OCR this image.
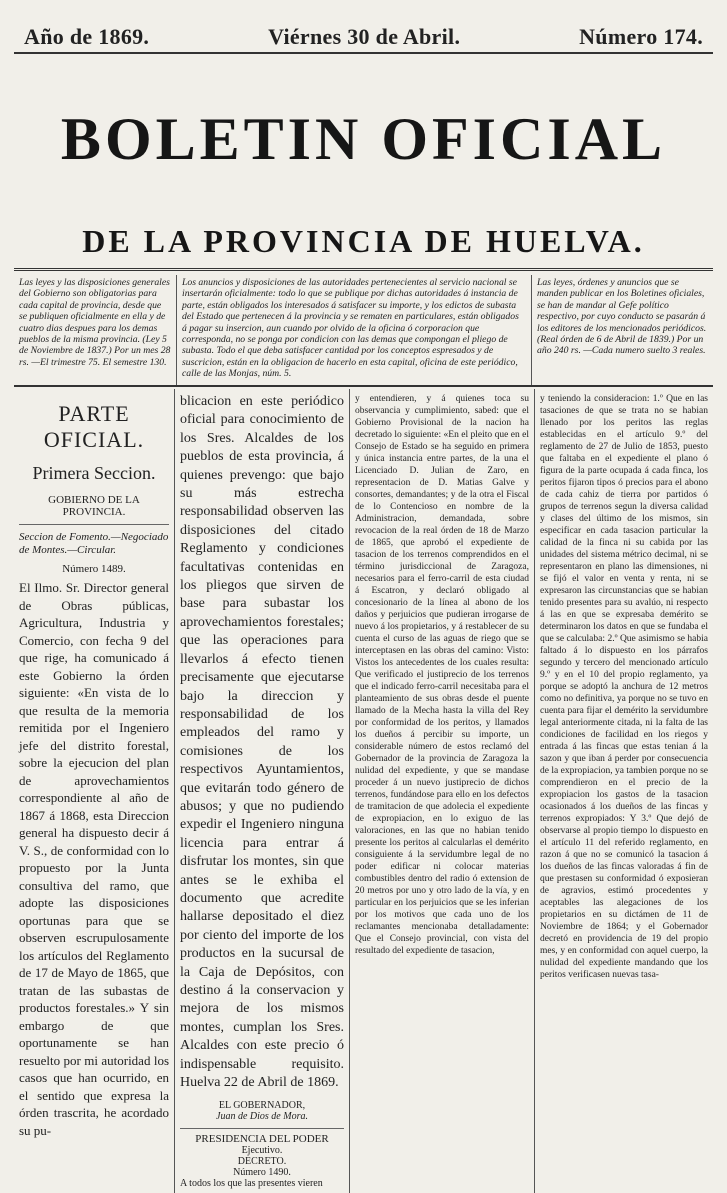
Año de 1869.	Viérnes 30 de Abril.	Número 174.
BOLETIN OFICIAL
DE LA PROVINCIA DE HUELVA.
Las leyes y las disposiciones generales del Gobierno son obligatorias para cada capital de provincia, desde que se publiquen oficialmente en ella y de cuatro dias despues para los demas pueblos de la misma provincia. (Ley 5 de Noviembre de 1837.) Por un mes 28 rs. —El trimestre 75. El semestre 130.
Los anuncios y disposiciones de las autoridades pertenecientes al servicio nacional se insertarán oficialmente: todo lo que se publique por dichas autoridades á instancia de parte, están obligados los interesados á satisfacer su importe, y los edictos de subasta del Estado que pertenecen á la provincia y se rematen en particulares, están obligados á pagar su insercion, aun cuando por olvido de la oficina ó corporacion que corresponda, no se ponga por condicion con las demas que compongan el pliego de subasta. Todo el que deba satisfacer cantidad por los conceptos espresados y de suscricion, están en la obligacion de hacerlo en esta capital, oficina de este periódico, calle de las Monjas, núm. 5.
Las leyes, órdenes y anuncios que se manden publicar en los Boletines oficiales, se han de mandar al Gefe político respectivo, por cuyo conducto se pasarán á los editores de los mencionados periódicos. (Real órden de 6 de Abril de 1839.) Por un año 240 rs. —Cada numero suelto 3 reales.
PARTE OFICIAL.
Primera Seccion.
GOBIERNO DE LA PROVINCIA.
Seccion de Fomento.—Negociado de Montes.—Circular.
Número 1489.
El Ilmo. Sr. Director general de Obras públicas, Agricultura, Industria y Comercio, con fecha 9 del que rige, ha comunicado á este Gobierno la órden siguiente: «En vista de lo que resulta de la memoria remitida por el Ingeniero jefe del distrito forestal, sobre la ejecucion del plan de aprovechamientos correspondiente al año de 1867 á 1868, esta Direccion general ha dispuesto decir á V. S., de conformidad con lo propuesto por la Junta consultiva del ramo, que adopte las disposiciones oportunas para que se observen escrupulosamente los artículos del Reglamento de 17 de Mayo de 1865, que tratan de las subastas de productos forestales.» Y sin embargo de que oportunamente se han resuelto por mi autoridad los casos que han ocurrido, en el sentido que expresa la órden trascrita, he acordado su pu-
blicacion en este periódico oficial para conocimiento de los Sres. Alcaldes de los pueblos de esta provincia, á quienes prevengo: que bajo su más estrecha responsabilidad observen las disposiciones del citado Reglamento y condiciones facultativas contenidas en los pliegos que sirven de base para subastar los aprovechamientos forestales; que las operaciones para llevarlos á efecto tienen precisamente que ejecutarse bajo la direccion y responsabilidad de los empleados del ramo y comisiones de los respectivos Ayuntamientos, que evitarán todo género de abusos; y que no pudiendo expedir el Ingeniero ninguna licencia para entrar á disfrutar los montes, sin que antes se le exhiba el documento que acredite hallarse depositado el diez por ciento del importe de los productos en la sucursal de la Caja de Depósitos, con destino á la conservacion y mejora de los mismos montes, cumplan los Sres. Alcaldes con este precio ó indispensable requisito. Huelva 22 de Abril de 1869.
EL GOBERNADOR,
Juan de Dios de Mora.
PRESIDENCIA DEL PODER
Ejecutivo.
DECRETO.
Número 1490.
A todos los que las presentes vieren
y entendieren, y á quienes toca su observancia y cumplimiento, sabed: que el Gobierno Provisional de la nacion ha decretado lo siguiente: «En el pleito que en el Consejo de Estado se ha seguido en primera y única instancia entre partes, de la una el Licenciado D. Julian de Zaro, en representacion de D. Matias Galve y consortes, demandantes; y de la otra el Fiscal de lo Contencioso en nombre de la Administracion, demandada, sobre revocacion de la real órden de 18 de Marzo de 1865, que aprobó el expediente de tasacion de los terrenos comprendidos en el término jurisdiccional de Zaragoza, necesarios para el ferro-carril de esta ciudad á Escatron, y declaró obligado al concesionario de la línea al abono de los daños y perjuicios que pudieran irrogarse de nuevo á los propietarios, y á restablecer de su cuenta el curso de las aguas de riego que se interceptasen en las obras del camino: Visto: Vistos los antecedentes de los cuales resulta: Que verificado el justiprecio de los terrenos que el indicado ferro-carril necesitaba para el planteamiento de sus obras desde el puente llamado de la Mecha hasta la villa del Rey por conformidad de los peritos, y llamados los dueños á percibir su importe, un considerable número de estos reclamó del Gobernador de la provincia de Zaragoza la nulidad del expediente, y que se mandase proceder á un nuevo justiprecio de dichos terrenos, fundándose para ello en los defectos de tramitacion de que adolecia el expediente de expropiacion, en lo exiguo de las valoraciones, en las que no habian tenido presente los peritos al calcularlas el demérito consiguiente á la servidumbre legal de no poder edificar ni colocar materias combustibles dentro del radio ó extension de 20 metros por uno y otro lado de la vía, y en particular en los perjuicios que se les inferian por los motivos que cada uno de los reclamantes mencionaba detalladamente: Que el Consejo provincial, con vista del resultado del expediente de tasacion,
y teniendo la consideracion: 1.º Que en las tasaciones de que se trata no se habian llenado por los peritos las reglas establecidas en el artículo 9.º del reglamento de 27 de Julio de 1853, puesto que faltaba en el expediente el plano ó figura de la parte ocupada á cada finca, los peritos fijaron tipos ó precios para el abono de cada cahiz de tierra por partidos ó grupos de terrenos segun la diversa calidad y clases del último de los mismos, sin especificar en cada tasacion particular la calidad de la finca ni su cabida por las unidades del sistema métrico decimal, ni se representaron en plano las dimensiones, ni se fijó el valor en venta y renta, ni se expresaron las circunstancias que se habian tenido presentes para su avalúo, ni respecto á las en que se expresaba demérito se determinaron los datos en que se fundaba el que se calculaba: 2.º Que asimismo se habia faltado á lo dispuesto en los párrafos segundo y tercero del mencionado artículo 9.º y en el 10 del propio reglamento, ya porque se adoptó la anchura de 12 metros como no definitiva, ya porque no se tuvo en cuenta para fijar el demérito la servidumbre legal anteriormente citada, ni la falta de las condiciones de facilidad en los riegos y entrada á las fincas que estas tenian á la sazon y que iban á perder por consecuencia de la expropiacion, ya tambien porque no se comprendieron en el precio de la expropiacion los gastos de la tasacion ocasionados á los dueños de las fincas y terrenos expropiados: Y 3.º Que dejó de observarse al propio tiempo lo dispuesto en el artículo 11 del referido reglamento, en razon á que no se comunicó la tasacion á los dueños de las fincas valoradas á fin de que prestasen su conformidad ó exposieran de agravios, estimó procedentes y aceptables las alegaciones de los propietarios en su dictámen de 11 de Noviembre de 1864; y el Gobernador decretó en providencia de 19 del propio mes, y en conformidad con aquel cuerpo, la nulidad del expediente mandando que los peritos verificasen nuevas tasa-
